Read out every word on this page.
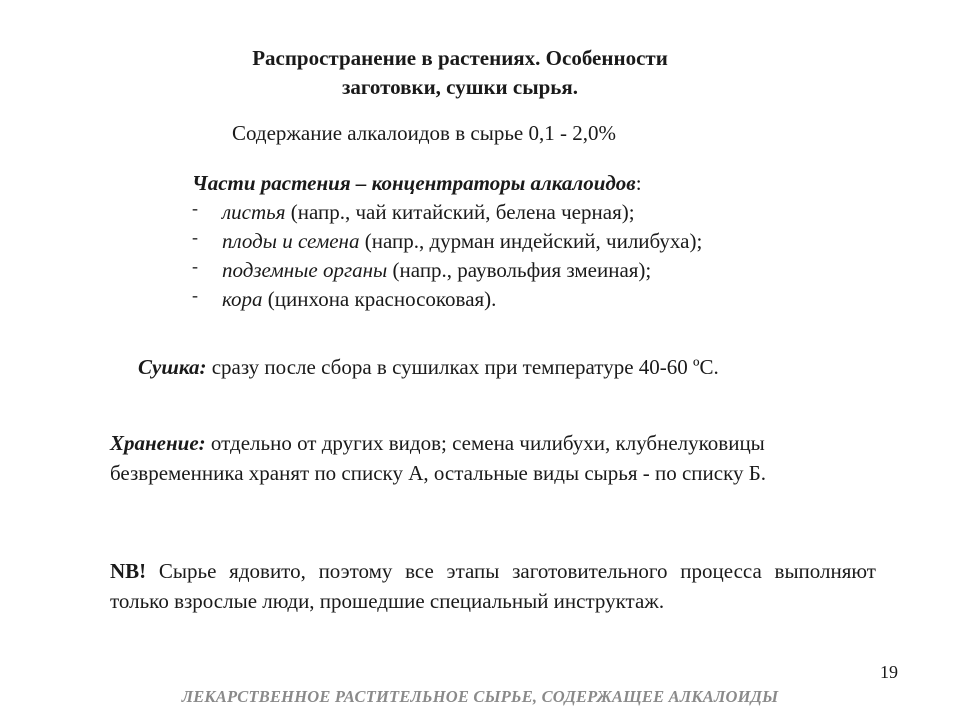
Распространение в растениях. Особенности
заготовки, сушки сырья.
Содержание алкалоидов в сырье 0,1 - 2,0%
Части растения – концентраторы алкалоидов:
- листья (напр., чай китайский, белена черная);
- плоды и семена (напр., дурман индейский, чилибуха);
- подземные органы (напр., раувольфия змеиная);
- кора (цинхона красносоковая).
Сушка: сразу после сбора в сушилках при температуре 40-60 ºС.
Хранение: отдельно от других видов; семена чилибухи, клубнелуковицы безвременника хранят по списку А, остальные виды сырья - по списку Б.
NB! Сырье ядовито, поэтому все этапы заготовительного процесса выполняют только взрослые люди, прошедшие специальный инструктаж.
19
ЛЕКАРСТВЕННОЕ РАСТИТЕЛЬНОЕ СЫРЬЕ, СОДЕРЖАЩЕЕ АЛКАЛОИДЫ
